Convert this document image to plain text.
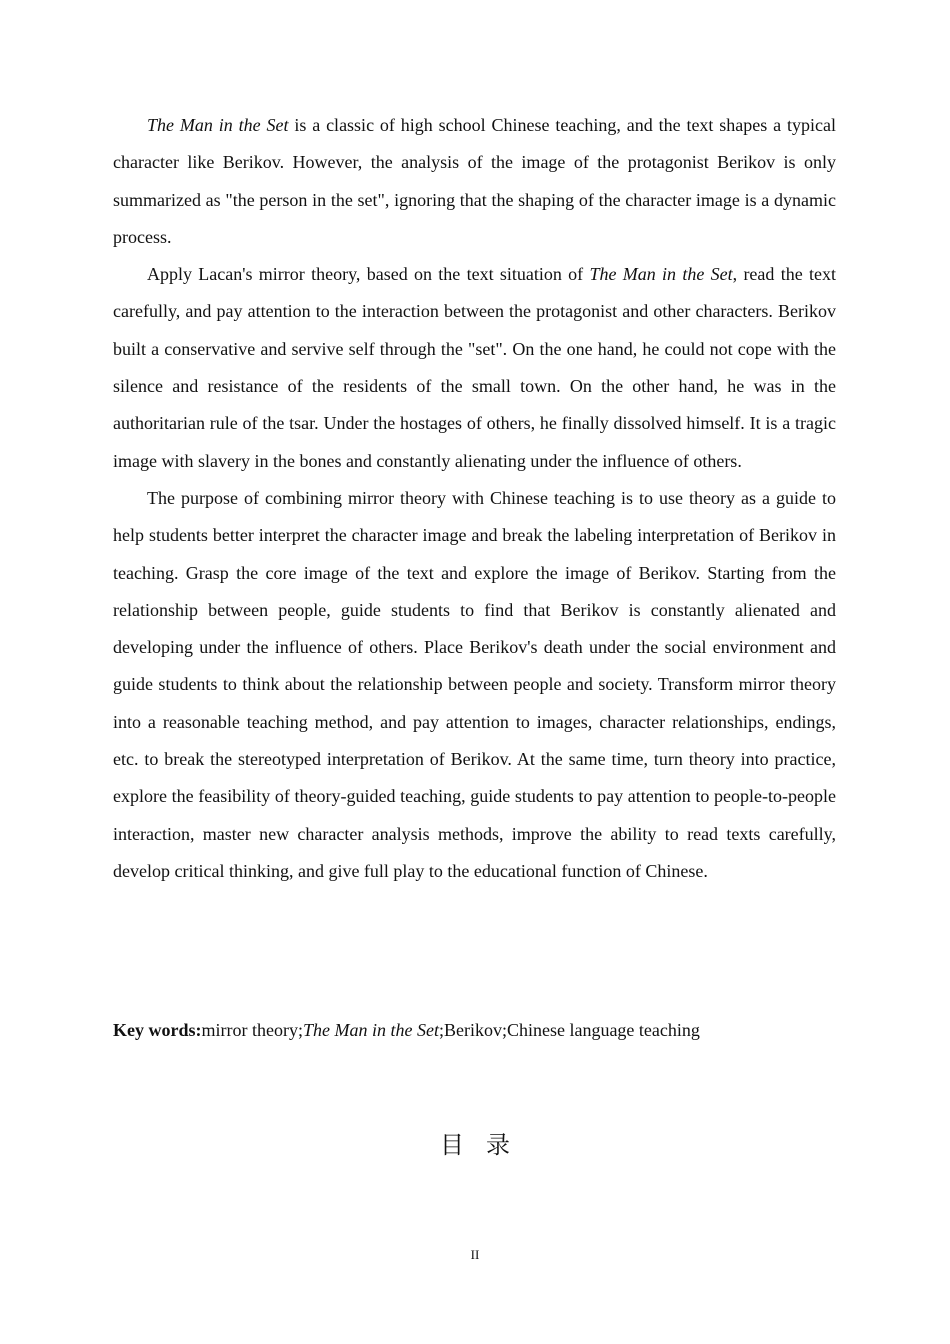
The Man in the Set is a classic of high school Chinese teaching, and the text shapes a typical character like Berikov. However, the analysis of the image of the protagonist Berikov is only summarized as "the person in the set", ignoring that the shaping of the character image is a dynamic process.

Apply Lacan's mirror theory, based on the text situation of The Man in the Set, read the text carefully, and pay attention to the interaction between the protagonist and other characters. Berikov built a conservative and servive self through the "set". On the one hand, he could not cope with the silence and resistance of the residents of the small town. On the other hand, he was in the authoritarian rule of the tsar. Under the hostages of others, he finally dissolved himself. It is a tragic image with slavery in the bones and constantly alienating under the influence of others.

The purpose of combining mirror theory with Chinese teaching is to use theory as a guide to help students better interpret the character image and break the labeling interpretation of Berikov in teaching. Grasp the core image of the text and explore the image of Berikov. Starting from the relationship between people, guide students to find that Berikov is constantly alienated and developing under the influence of others. Place Berikov's death under the social environment and guide students to think about the relationship between people and society. Transform mirror theory into a reasonable teaching method, and pay attention to images, character relationships, endings, etc. to break the stereotyped interpretation of Berikov. At the same time, turn theory into practice, explore the feasibility of theory-guided teaching, guide students to pay attention to people-to-people interaction, master new character analysis methods, improve the ability to read texts carefully, develop critical thinking, and give full play to the educational function of Chinese.

Key words:mirror theory;The Man in the Set;Berikov;Chinese language teaching

目录
II
